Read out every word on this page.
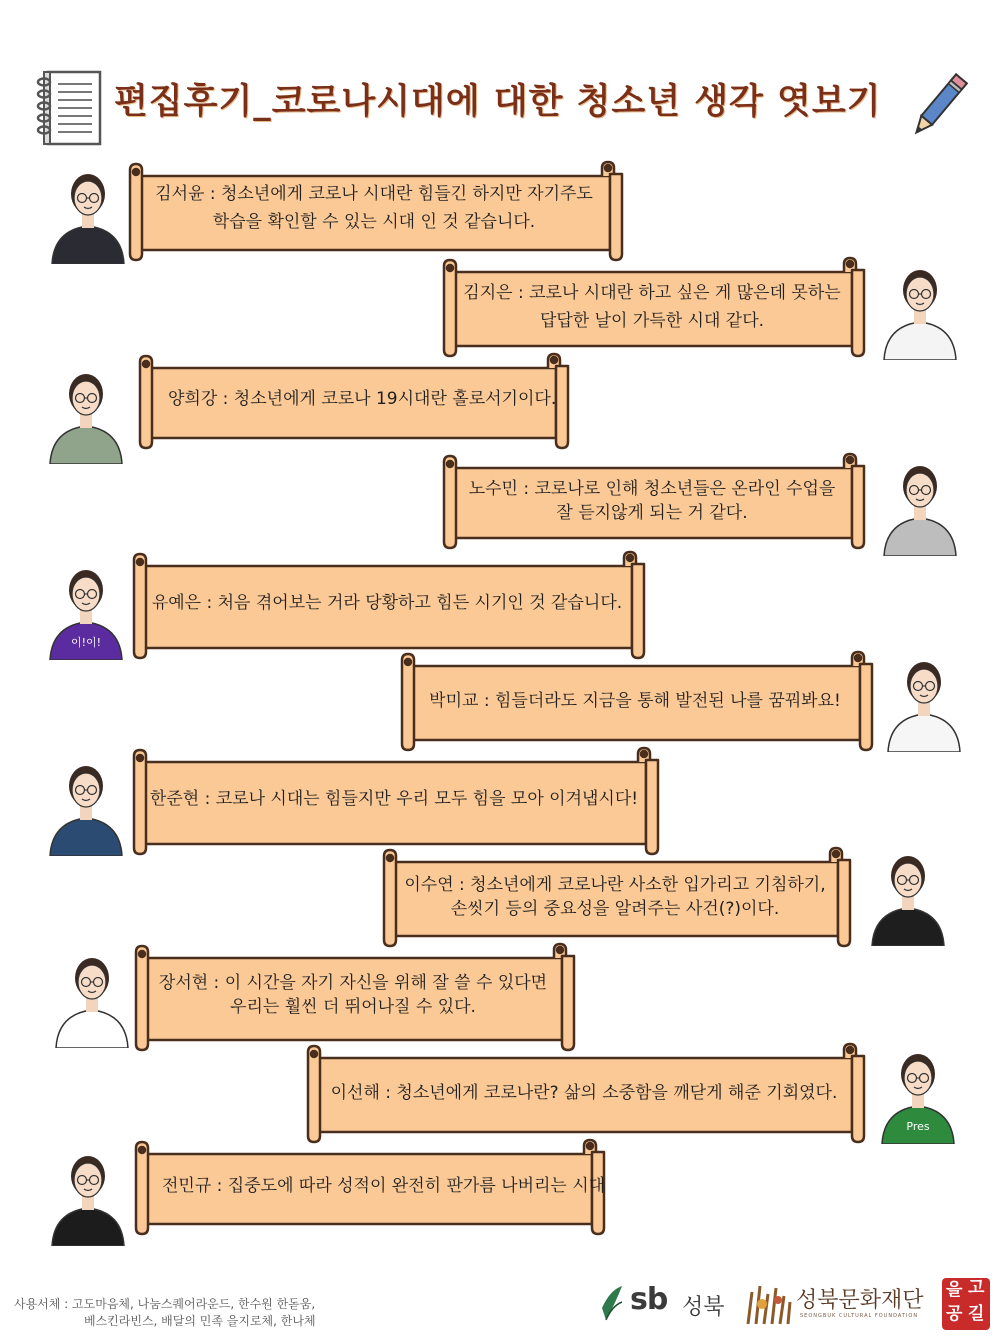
편집후기_코로나시대에 대한 청소년 생각 엿보기
김서윤 : 청소년에게 코로나 시대란 힘들긴 하지만 자기주도
학습을 확인할 수 있는 시대 인 것 같습니다.
김지은 : 코로나 시대란 하고 싶은 게 많은데 못하는
답답한 날이 가득한 시대 같다.
양희강 : 청소년에게 코로나 19시대란 홀로서기이다.
노수민 : 코로나로 인해 청소년들은 온라인 수업을
잘 듣지않게 되는 거 같다.
유예은 : 처음 겪어보는 거라 당황하고 힘든 시기인 것 같습니다.
이!이!
박미교 : 힘들더라도 지금을 통해 발전된 나를 꿈꿔봐요!
한준현 : 코로나 시대는 힘들지만 우리 모두 힘을 모아 이겨냅시다!
이수연 : 청소년에게 코로나란 사소한 입가리고 기침하기,
손씻기 등의 중요성을 알려주는 사건(?)이다.
장서현 : 이 시간을 자기 자신을 위해 잘 쓸 수 있다면
우리는 훨씬 더 뛰어나질 수 있다.
이선해 : 청소년에게 코로나란? 삶의 소중함을 깨닫게 해준 기회였다.
Pres
전민규 : 집중도에 따라 성적이 완전히 판가름 나버리는 시대
사용서체 : 고도마음체, 나눔스퀘어라운드, 한수원 한돋움,
베스킨라빈스, 배달의 민족 을지로체, 한나체
sb 성북	성북문화재단
SEONGBUK CULTURAL FOUNDATION
을 고
공 길
